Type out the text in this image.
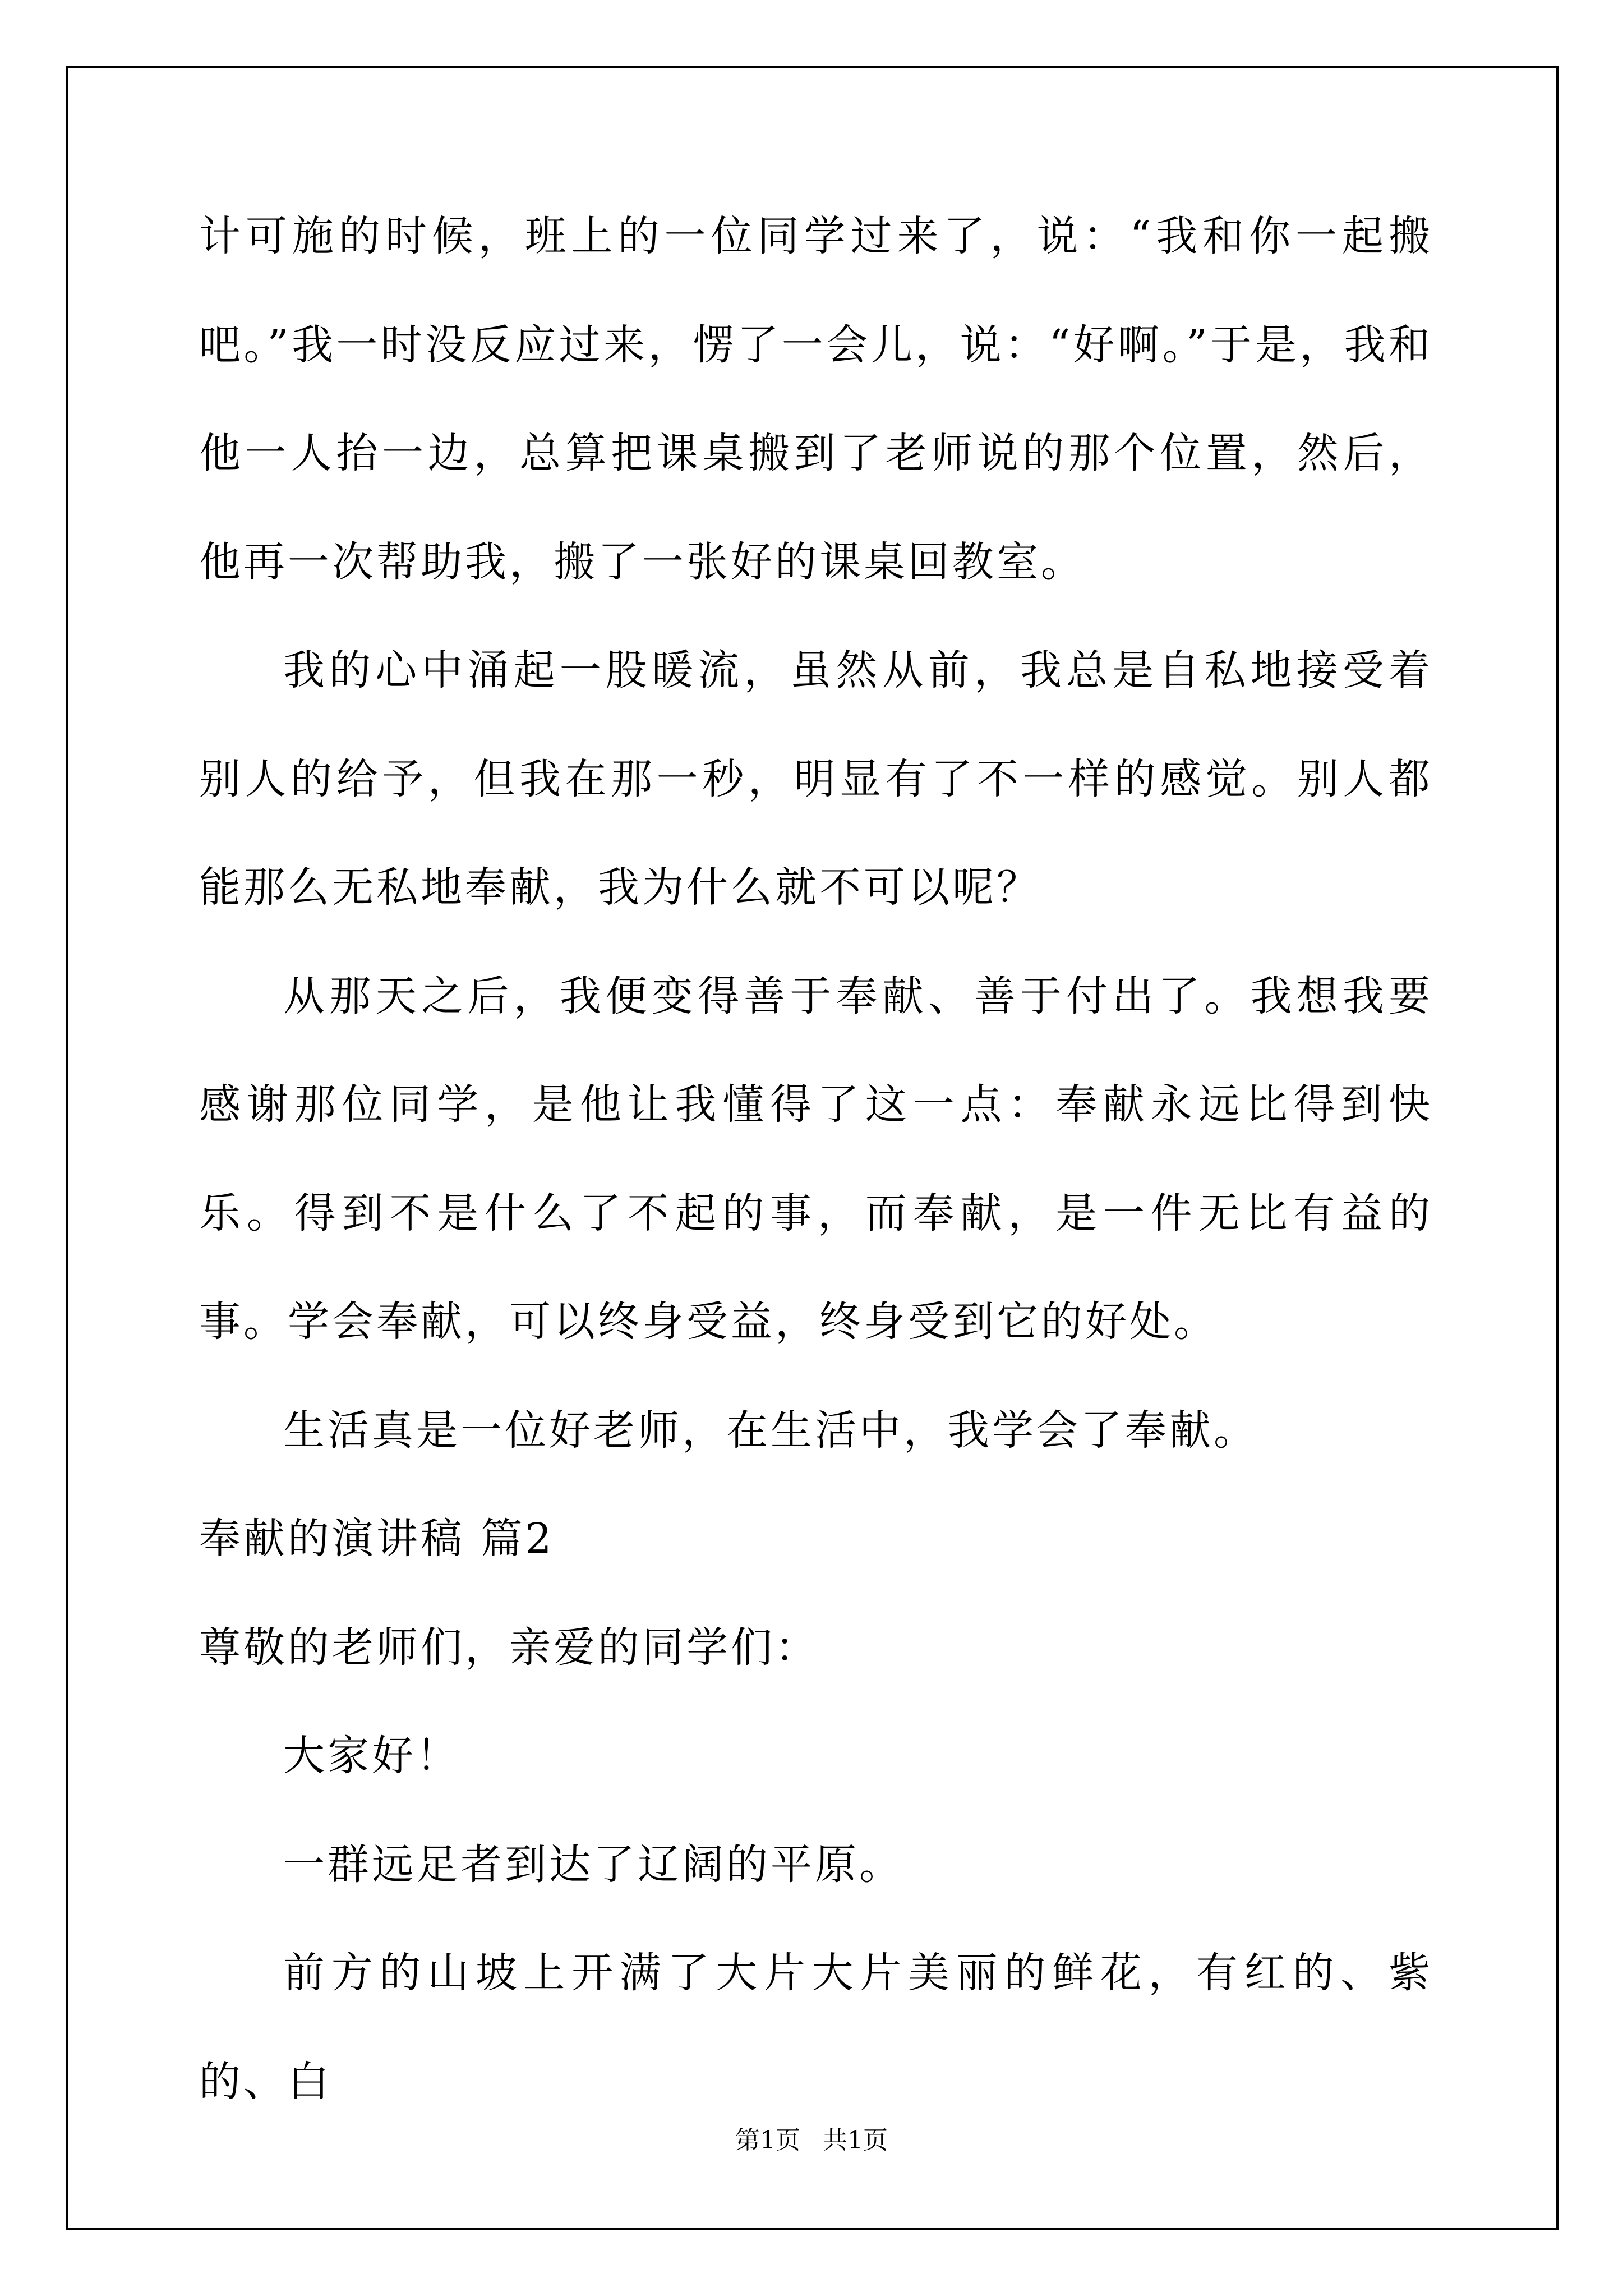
计可施的时候，班上的一位同学过来了，说：“我和你一起搬吧。”我一时没反应过来，愣了一会儿，说：“好啊。”于是，我和他一人抬一边，总算把课桌搬到了老师说的那个位置，然后，他再一次帮助我，搬了一张好的课桌回教室。

我的心中涌起一股暖流，虽然从前，我总是自私地接受着别人的给予，但我在那一秒，明显有了不一样的感觉。别人都能那么无私地奉献，我为什么就不可以呢？

从那天之后，我便变得善于奉献、善于付出了。我想我要感谢那位同学，是他让我懂得了这一点：奉献永远比得到快乐。得到不是什么了不起的事，而奉献，是一件无比有益的事。学会奉献，可以终身受益，终身受到它的好处。

生活真是一位好老师，在生活中，我学会了奉献。

奉献的演讲稿 篇2

尊敬的老师们，亲爱的同学们：

大家好！

一群远足者到达了辽阔的平原。

前方的山坡上开满了大片大片美丽的鲜花，有红的、紫的、白

第1页 共1页
